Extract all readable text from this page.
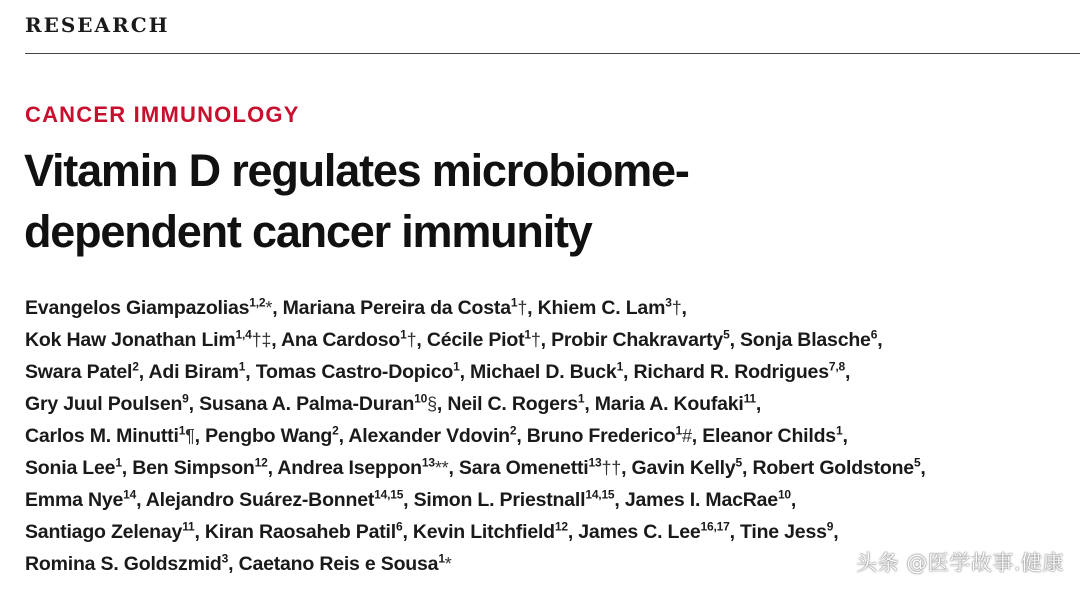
RESEARCH
CANCER IMMUNOLOGY
Vitamin D regulates microbiome-dependent cancer immunity
Evangelos Giampazolias$^{1,2}$*, Mariana Pereira da Costa$^1$†, Khiem C. Lam$^3$†,
Kok Haw Jonathan Lim$^{1,4}$†‡, Ana Cardoso$^1$†, Cécile Piot$^1$†, Probir Chakravarty$^5$, Sonja Blasche$^6$,
Swara Patel$^2$, Adi Biram$^1$, Tomas Castro-Dopico$^1$, Michael D. Buck$^1$, Richard R. Rodrigues$^{7,8}$,
Gry Juul Poulsen$^9$, Susana A. Palma-Duran$^{10}$§, Neil C. Rogers$^1$, Maria A. Koufaki$^{11}$,
Carlos M. Minutti$^1$¶, Pengbo Wang$^2$, Alexander Vdovin$^2$, Bruno Frederico$^1$#, Eleanor Childs$^1$,
Sonia Lee$^1$, Ben Simpson$^{12}$, Andrea Iseppon$^{13}$**, Sara Omenetti$^{13}$††, Gavin Kelly$^5$, Robert Goldstone$^5$,
Emma Nye$^{14}$, Alejandro Suárez-Bonnet$^{14,15}$, Simon L. Priestnall$^{14,15}$, James I. MacRae$^{10}$,
Santiago Zelenay$^{11}$, Kiran Raosaheb Patil$^6$, Kevin Litchfield$^{12}$, James C. Lee$^{16,17}$, Tine Jess$^9$,
Romina S. Goldszmid$^3$, Caetano Reis e Sousa$^1$*	头条 @医学故事.健康
